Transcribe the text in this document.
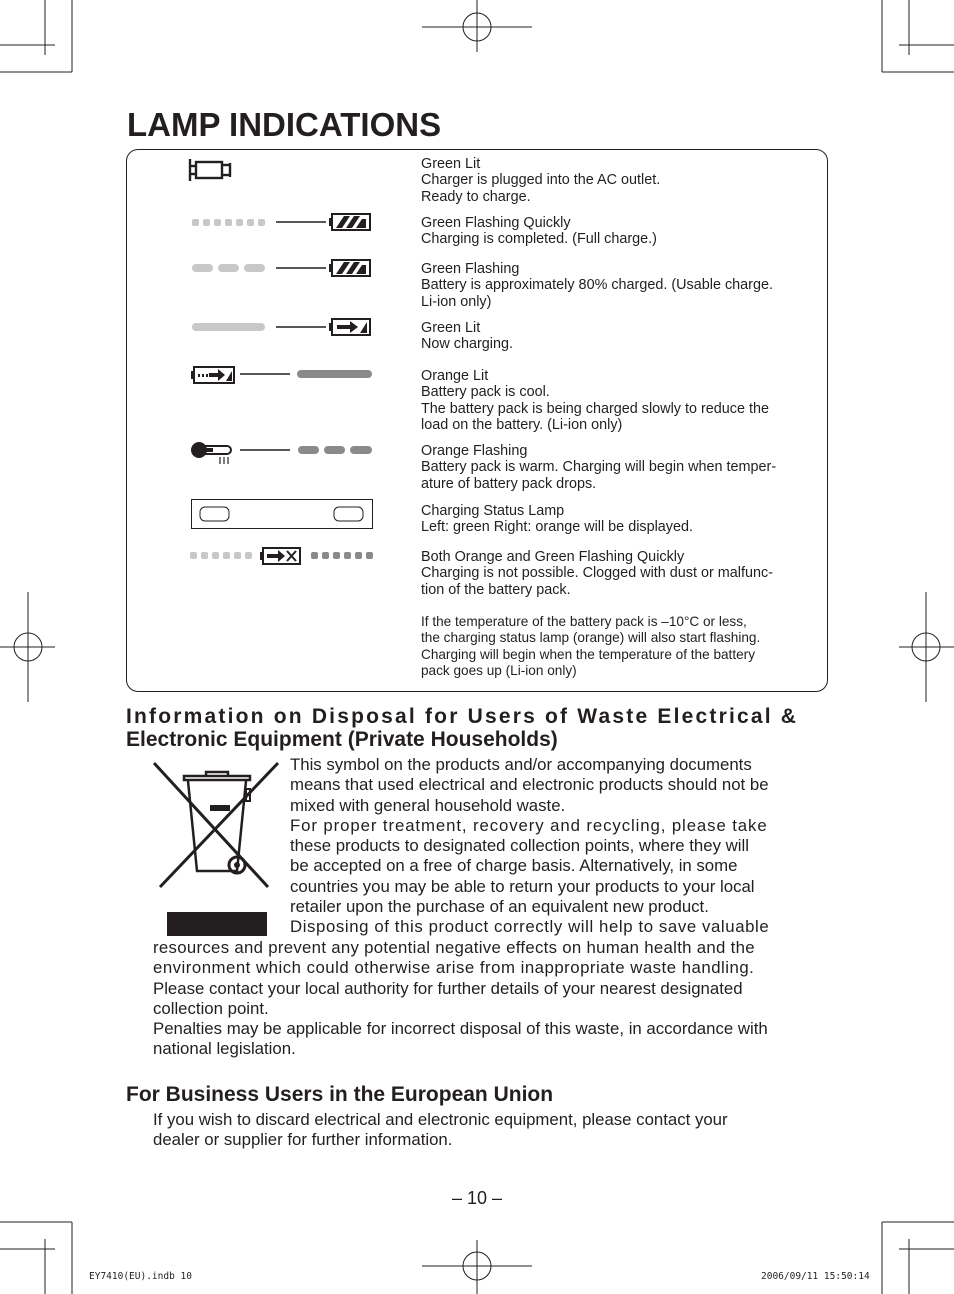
LAMP INDICATIONS
Green Lit
Charger is plugged into the AC outlet.
Ready to charge.
Green Flashing Quickly
Charging is completed. (Full charge.)
Green Flashing
Battery is approximately 80% charged. (Usable charge.
Li-ion only)
Green Lit
Now charging.
Orange Lit
Battery pack is cool.
The battery pack is being charged slowly to reduce the
load on the battery. (Li-ion only)
Orange Flashing
Battery pack is warm. Charging will begin when temper-
ature of battery pack drops.
Charging Status Lamp
Left: green Right: orange will be displayed.
Both Orange and Green Flashing Quickly
Charging is not possible. Clogged with dust or malfunc-
tion of the battery pack.
If the temperature of the battery pack is –10°C or less,
the charging status lamp (orange) will also start flashing.
Charging will begin when the temperature of the battery
pack goes up (Li-ion only)
Information on Disposal for Users of Waste Electrical &
Electronic Equipment (Private Households)
This symbol on the products and/or accompanying documents
means that used electrical and electronic products should not be
mixed with general household waste.
For proper treatment, recovery and recycling, please take
these products to designated collection points, where they will
be accepted on a free of charge basis. Alternatively, in some
countries you may be able to return your products to your local
retailer upon the purchase of an equivalent new product.
Disposing of this product correctly will help to save valuable
resources and prevent any potential negative effects on human health and the
environment which could otherwise arise from inappropriate waste handling.
Please contact your local authority for further details of your nearest designated
collection point.
Penalties may be applicable for incorrect disposal of this waste, in accordance with
national legislation.
For Business Users in the European Union
If you wish to discard electrical and electronic equipment, please contact your
dealer or supplier for further information.
– 10 –
EY7410(EU).indb 10	2006/09/11 15:50:14
